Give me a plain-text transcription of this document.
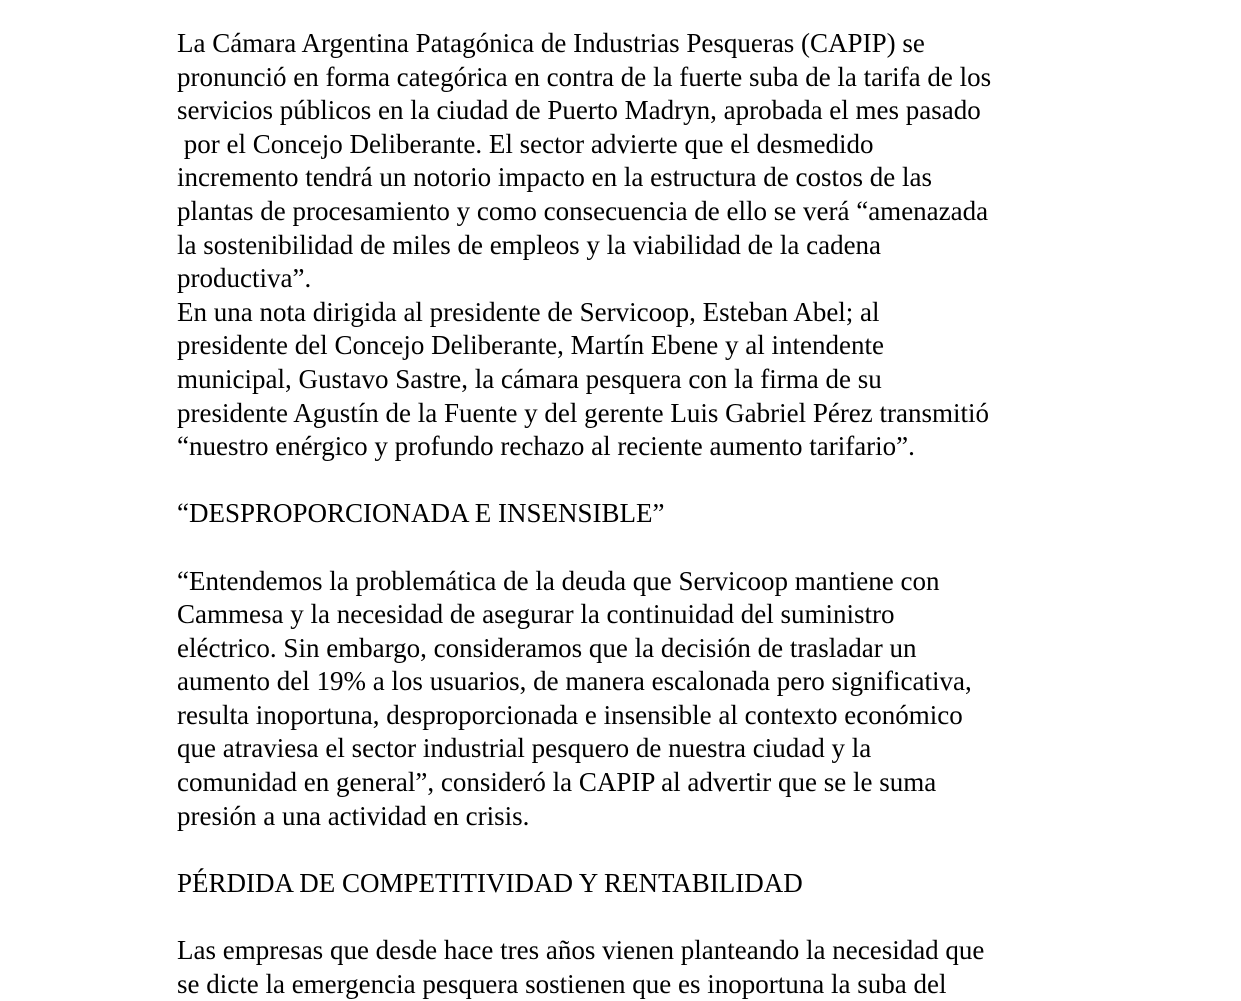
La Cámara Argentina Patagónica de Industrias Pesqueras (CAPIP) se
pronunció en forma categórica en contra de la fuerte suba de la tarifa de los
servicios públicos en la ciudad de Puerto Madryn, aprobada el mes pasado
por el Concejo Deliberante. El sector advierte que el desmedido
incremento tendrá un notorio impacto en la estructura de costos de las
plantas de procesamiento y como consecuencia de ello se verá “amenazada
la sostenibilidad de miles de empleos y la viabilidad de la cadena
productiva”.
En una nota dirigida al presidente de Servicoop, Esteban Abel; al
presidente del Concejo Deliberante, Martín Ebene y al intendente
municipal, Gustavo Sastre, la cámara pesquera con la firma de su
presidente Agustín de la Fuente y del gerente Luis Gabriel Pérez transmitió
“nuestro enérgico y profundo rechazo al reciente aumento tarifario”.
“DESPROPORCIONADA E INSENSIBLE”
“Entendemos la problemática de la deuda que Servicoop mantiene con
Cammesa y la necesidad de asegurar la continuidad del suministro
eléctrico. Sin embargo, consideramos que la decisión de trasladar un
aumento del 19% a los usuarios, de manera escalonada pero significativa,
resulta inoportuna, desproporcionada e insensible al contexto económico
que atraviesa el sector industrial pesquero de nuestra ciudad y la
comunidad en general”, consideró la CAPIP al advertir que se le suma
presión a una actividad en crisis.
PÉRDIDA DE COMPETITIVIDAD Y RENTABILIDAD
Las empresas que desde hace tres años vienen planteando la necesidad que
se dicte la emergencia pesquera sostienen que es inoportuna la suba del
